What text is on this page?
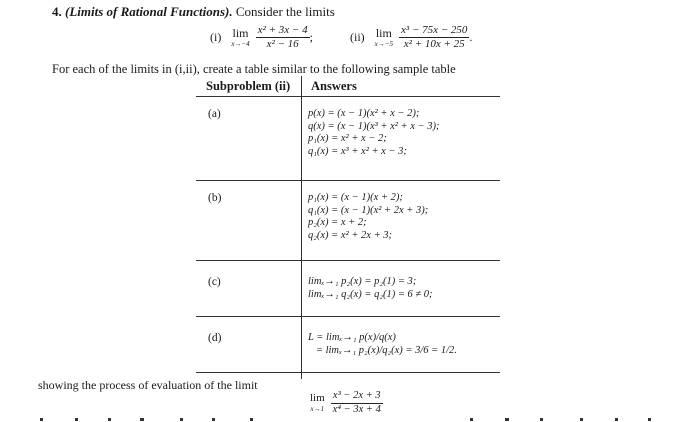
4. (Limits of Rational Functions). Consider the limits
(i) lim
$x\to-4 \frac{\text{x² + 3x − 4}}{\text{x² − 16}}$ ;	(ii) lim
$x\to-5 \frac{\text{x³ − 75x − 250}}{\text{x² + 10x + 25}}$ .
For each of the limits in (i,ii), create a table similar to the following sample table
Subproblem (ii) Answers
(a)	p(x) = (x − 1)(x² + x − 2);
q(x) = (x − 1)(x³ + x² + x − 3);
p₁(x) = x² + x − 2;
q₁(x) = x³ + x² + x − 3;
(b)	p₁(x) = (x − 1)(x + 2);
q₁(x) = (x − 1)(x² + 2x + 3);
p₂(x) = x + 2;
q₂(x) = x² + 2x + 3;
(c)	limₓ→₁ p₂(x) = p₂(1) = 3;
limₓ→₁ q₂(x) = q₂(1) = 6 ≠ 0;
(d)	L = limₓ→₁ p(x)/q(x)
= limₓ→₁ p₂(x)/q₂(x) = 3/6 = 1/2.
showing the process of evaluation of the limit
lim
$x\to 1 \frac{\text{x³ − 2x + 3}}{\text{x⁴ − 3x + 4}}$
